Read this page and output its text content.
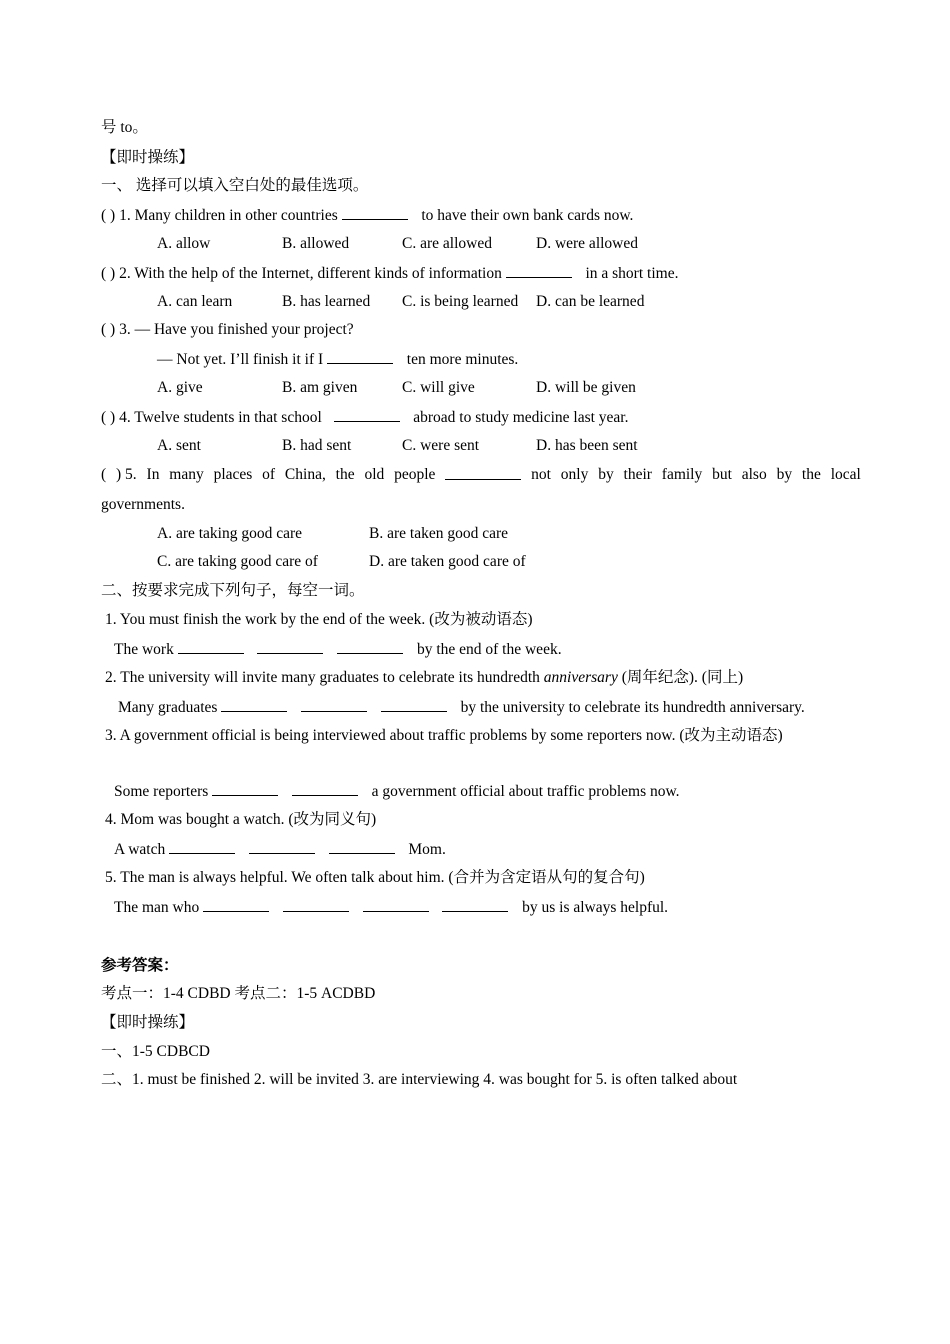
号 to。
【即时操练】
一、 选择可以填入空白处的最佳选项。
( ) 1. Many children in other countries	to have their own bank cards now.
A. allow	B. allowed	C. are allowed	D. were allowed
( ) 2. With the help of the Internet, different kinds of information	in a short time.
A. can learn	B. has learned C. is being learned D. can be learned
( ) 3. — Have you finished your project?
— Not yet. I’ll finish it if I	ten more minutes.
A. give	B. am given	C. will give	D. will be given
( ) 4. Twelve students in that school	abroad to study medicine last year.
A. sent	B. had sent	C. were sent	D. has been sent
( ) 5. In many places of China, the old people	not only by their family but also by the local
governments.
A. are taking good care	B. are taken good care
C. are taking good care of	D. are taken good care of
二、按要求完成下列句子，每空一词。
1. You must finish the work by the end of the week. (改为被动语态)
The work	by the end of the week.
2. The university will invite many graduates to celebrate its hundredth anniversary (周年纪念). (同上)
Many graduates	by the university to celebrate its hundredth anniversary.
3. A government official is being interviewed about traffic problems by some reporters now. (改为主动语态)
Some reporters	a government official about traffic problems now.
4. Mom was bought a watch. (改为同义句)
A watch	Mom.
5. The man is always helpful. We often talk about him. (合并为含定语从句的复合句)
The man who	by us is always helpful.
参考答案：
考点一：1-4 CDBD 考点二：1-5 ACDBD
【即时操练】
一、1-5 CDBCD
二、1. must be finished 2. will be invited 3. are interviewing 4. was bought for 5. is often talked about
